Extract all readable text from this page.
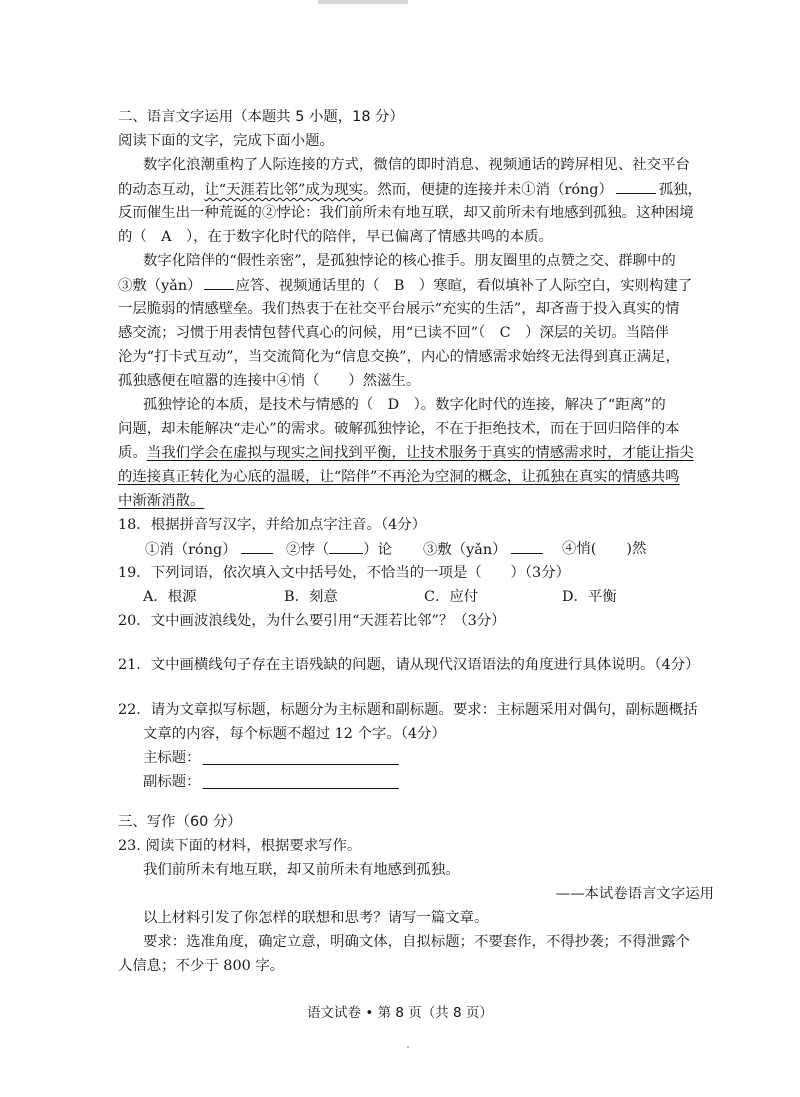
二、语言文字运用（本题共 5 小题，18 分）
阅读下面的文字，完成下面小题。
数字化浪潮重构了人际连接的方式，微信的即时消息、视频通话的跨屏相见、社交平台
的动态互动，让“天涯若比邻”成为现实。然而，便捷的连接并未①消（róng）	孤独，
反而催生出一种荒诞的②悖论：我们前所未有地互联，却又前所未有地感到孤独。这种困境
的（　A　），在于数字化时代的陪伴，早已偏离了情感共鸣的本质。
数字化陪伴的“假性亲密”，是孤独悖论的核心推手。朋友圈里的点赞之交、群聊中的
③敷（yǎn） 应答、视频通话里的（　B　）寒暄，看似填补了人际空白，实则构建了
一层脆弱的情感壁垒。我们热衷于在社交平台展示“充实的生活”，却吝啬于投入真实的情
感交流；习惯于用表情包替代真心的问候，用“已读不回”（　C　）深层的关切。当陪伴
沦为“打卡式互动”，当交流简化为“信息交换”，内心的情感需求始终无法得到真正满足，
孤独感便在喧嚣的连接中④悄（　　）然滋生。
孤独悖论的本质，是技术与情感的（　D　）。数字化时代的连接，解决了“距离”的
问题，却未能解决“走心”的需求。破解孤独悖论，不在于拒绝技术，而在于回归陪伴的本
质。当我们学会在虚拟与现实之间找到平衡，让技术服务于真实的情感需求时，才能让指尖
的连接真正转化为心底的温暖，让“陪伴”不再沦为空洞的概念，让孤独在真实的情感共鸣
中渐渐消散。
18．根据拼音写汉字，并给加点字注音。（4分）
①消（róng）	②悖（ ）论 ③敷（yǎn）	④悄( )然
19．下列词语，依次填入文中括号处，不恰当的一项是（　　）（3分）
A．根源	B．刻意	C．应付	D．平衡
20．文中画波浪线处，为什么要引用“天涯若比邻”？（3分）
21．文中画横线句子存在主语残缺的问题，请从现代汉语语法的角度进行具体说明。（4分）
22．请为文章拟写标题，标题分为主标题和副标题。要求：主标题采用对偶句，副标题概括
文章的内容，每个标题不超过 12 个字。（4分）
主标题：
副标题：
三、写作（60 分）
23. 阅读下面的材料，根据要求写作。
我们前所未有地互联，却又前所未有地感到孤独。
——本试卷语言文字运用
以上材料引发了你怎样的联想和思考？请写一篇文章。
要求：选准角度，确定立意，明确文体，自拟标题；不要套作，不得抄袭；不得泄露个
人信息；不少于 800 字。
语文试卷 • 第 8 页（共 8 页）
